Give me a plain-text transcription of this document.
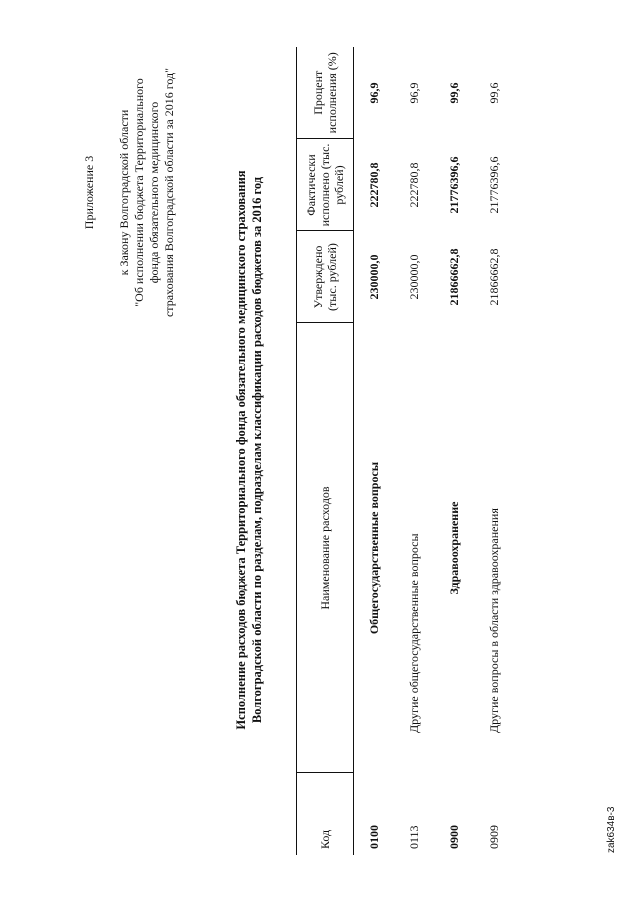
Приложение 3 к Закону Волгоградской области "Об исполнении бюджета Территориального фонда обязательного медицинского страхования Волгоградской области за 2016 год"	Исполнение расходов бюджета Территориального фонда обязательного медицинского страхования Волгоградской области по разделам, подразделам классификации расходов бюджетов за 2016 год
Код	Наименование расходов	Утверждено (тыс. рублей)	Фактически исполнено (тыс. рублей)	Процент исполнения (%)
0100	Общегосударственные вопросы	230000,0	222780,8	96,9
0113	Другие общегосударственные вопросы	230000,0	222780,8	96,9
0900	Здравоохранение	21866662,8	21776396,6	99,6
0909	Другие вопросы в области здравоохранения	21866662,8	21776396,6	99,6
zak634в-3
